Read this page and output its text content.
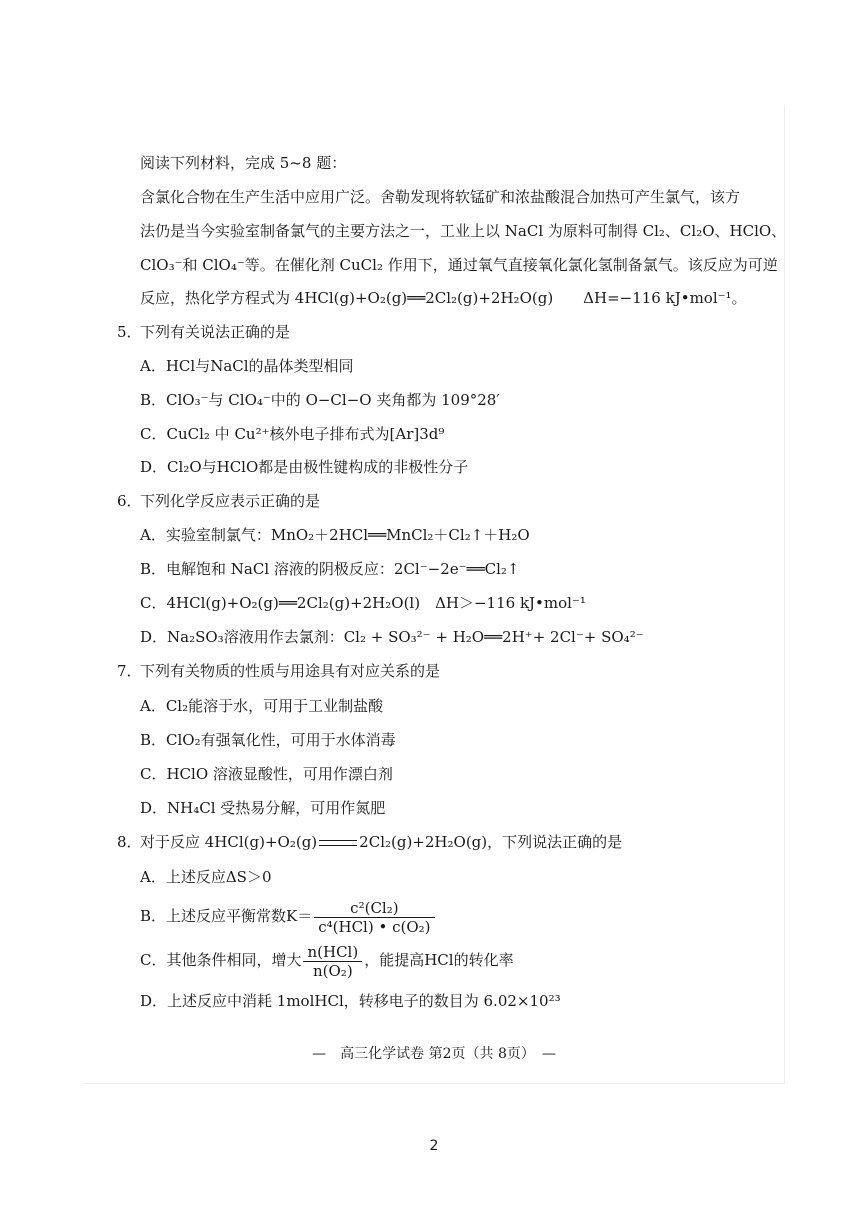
阅读下列材料，完成 5~8 题：
含氯化合物在生产生活中应用广泛。舍勒发现将软锰矿和浓盐酸混合加热可产生氯气，该方
法仍是当今实验室制备氯气的主要方法之一，工业上以 NaCl 为原料可制得 Cl₂、Cl₂O、HClO、
ClO₃⁻和 ClO₄⁻等。在催化剂 CuCl₂ 作用下，通过氧气直接氧化氯化氢制备氯气。该反应为可逆
反应，热化学方程式为 4HCl(g)+O₂(g)══2Cl₂(g)+2H₂O(g)　　ΔH=−116 kJ•mol⁻¹。
5．
下列有关说法正确的是
A．HCl与NaCl的晶体类型相同
B．ClO₃⁻与 ClO₄⁻中的 O−Cl−O 夹角都为 109°28′
C．CuCl₂ 中 Cu²⁺核外电子排布式为[Ar]3d⁹
D．Cl₂O与HClO都是由极性键构成的非极性分子
6．
下列化学反应表示正确的是
A．实验室制氯气：MnO₂＋2HCl══MnCl₂＋Cl₂↑＋H₂O
B．电解饱和 NaCl 溶液的阴极反应：2Cl⁻−2e⁻══Cl₂↑
C．4HCl(g)+O₂(g)══2Cl₂(g)+2H₂O(l)　ΔH＞−116 kJ•mol⁻¹
D．Na₂SO₃溶液用作去氯剂：Cl₂ + SO₃²⁻ + H₂O══2H⁺+ 2Cl⁻+ SO₄²⁻
7．
下列有关物质的性质与用途具有对应关系的是
A．Cl₂能溶于水，可用于工业制盐酸
B．ClO₂有强氧化性，可用于水体消毒
C．HClO 溶液显酸性，可用作漂白剂
D．NH₄Cl 受热易分解，可用作氮肥
8．
对于反应 4HCl(g)+O₂(g)	2Cl₂(g)+2H₂O(g)，下列说法正确的是
A．上述反应ΔS＞0
B．上述反应平衡常数$K= \frac{\text{c²(Cl₂)}}{\text{c⁴(HCl) • c(O₂)}}$
C．其他条件相同，增大 $\frac{\text{n(HCl)}}{\text{n(O₂)}}$ ，能提高HCl的转化率
D．上述反应中消耗 1molHCl，转移电子的数目为 6.02×10²³
—　高三化学试卷 第2页（共 8页）　—
2
